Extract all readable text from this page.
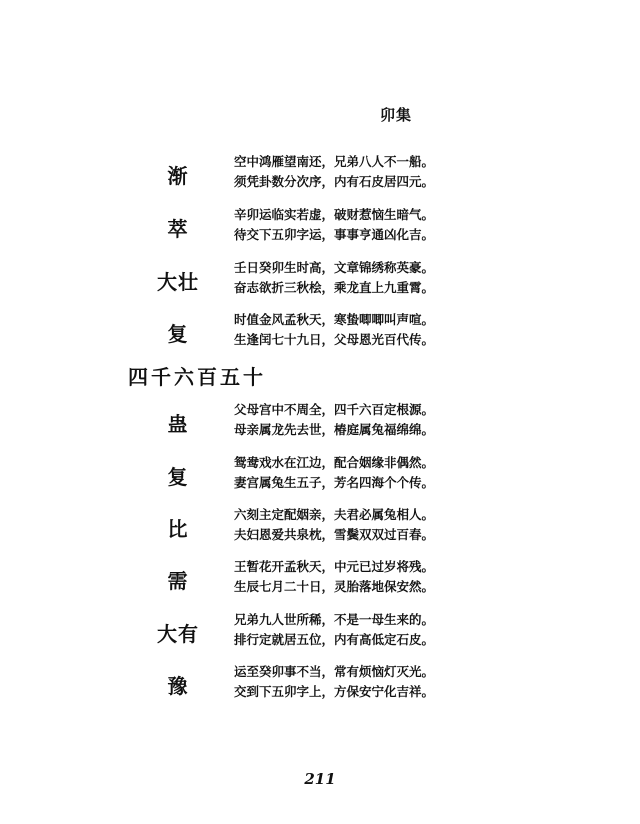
卯集
渐
空中鸿雁望南还，兄弟八人不一船。
须凭卦数分次序，内有石皮居四元。
萃
辛卯运临实若虚，破财惹恼生暗气。
待交下五卯字运，事事亨通凶化吉。
大壮
壬日癸卯生时高，文章锦绣称英豪。
奋志欲折三秋桧，乘龙直上九重霄。
复
时值金风孟秋天，寒蛰唧唧叫声喧。
生逢闰七十九日，父母恩光百代传。
四千六百五十
蛊
父母宫中不周全，四千六百定根源。
母亲属龙先去世，椿庭属兔福绵绵。
复
鸳鸯戏水在江边，配合姻缘非偶然。
妻宫属兔生五子，芳名四海个个传。
比
六刻主定配姻亲，夫君必属兔相人。
夫妇恩爱共泉枕，雪鬓双双过百春。
需
王暂花开孟秋天，中元已过岁将残。
生辰七月二十日，灵胎落地保安然。
大有
兄弟九人世所稀，不是一母生来的。
排行定就居五位，内有高低定石皮。
豫
运至癸卯事不当，常有烦恼灯灭光。
交到下五卯字上，方保安宁化吉祥。
211
